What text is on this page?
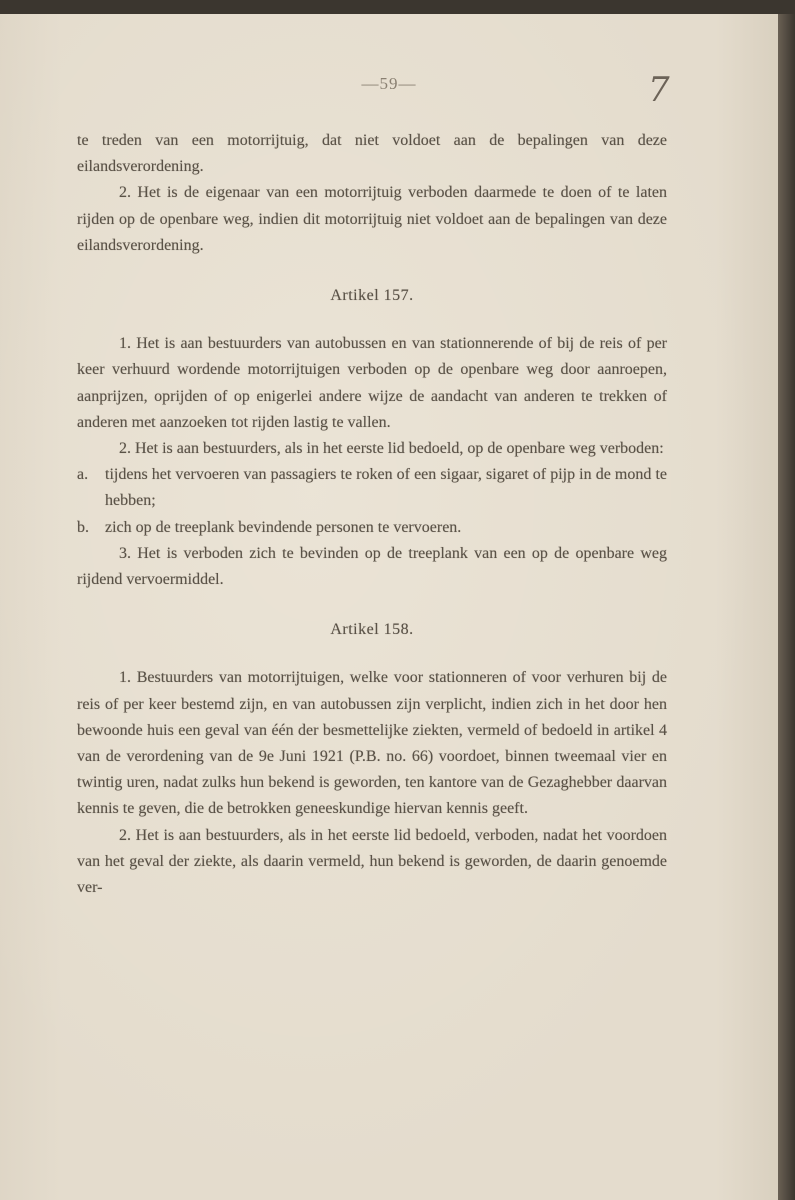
—59—	7

te treden van een motorrijtuig, dat niet voldoet aan de bepalingen van deze eilandsverordening.

2. Het is de eigenaar van een motorrijtuig verboden daarmede te doen of te laten rijden op de openbare weg, indien dit motorrijtuig niet voldoet aan de bepalingen van deze eilandsverordening.

Artikel 157.

1. Het is aan bestuurders van autobussen en van stationnerende of bij de reis of per keer verhuurd wordende motorrijtuigen verboden op de openbare weg door aanroepen, aanprijzen, oprijden of op enigerlei andere wijze de aandacht van anderen te trekken of anderen met aanzoeken tot rijden lastig te vallen.

2. Het is aan bestuurders, als in het eerste lid bedoeld, op de openbare weg verboden:

a. tijdens het vervoeren van passagiers te roken of een sigaar, sigaret of pijp in de mond te hebben;
b. zich op de treeplank bevindende personen te vervoeren.

3. Het is verboden zich te bevinden op de treeplank van een op de openbare weg rijdend vervoermiddel.

Artikel 158.

1. Bestuurders van motorrijtuigen, welke voor stationneren of voor verhuren bij de reis of per keer bestemd zijn, en van autobussen zijn verplicht, indien zich in het door hen bewoonde huis een geval van één der besmettelijke ziekten, vermeld of bedoeld in artikel 4 van de verordening van de 9e Juni 1921 (P.B. no. 66) voordoet, binnen tweemaal vier en twintig uren, nadat zulks hun bekend is geworden, ten kantore van de Gezaghebber daarvan kennis te geven, die de betrokken geneeskundige hiervan kennis geeft.

2. Het is aan bestuurders, als in het eerste lid bedoeld, verboden, nadat het voordoen van het geval der ziekte, als daarin vermeld, hun bekend is geworden, de daarin genoemde ver-
